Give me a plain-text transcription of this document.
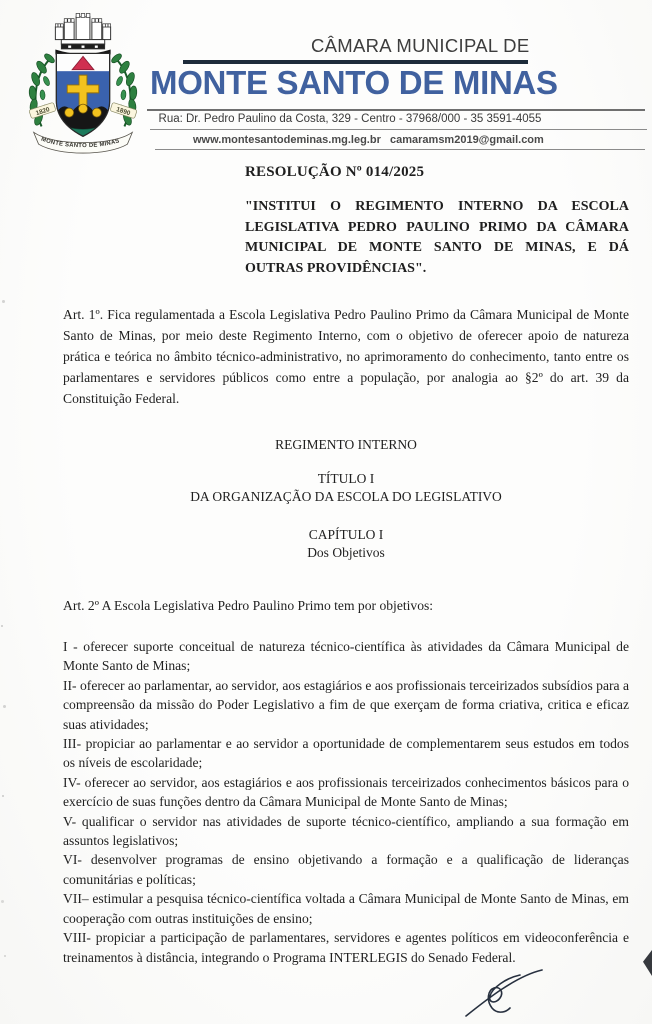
1820	1890
MONTE SANTO DE MINAS
CÂMARA MUNICIPAL DE
MONTE SANTO DE MINAS
Rua: Dr. Pedro Paulino da Costa, 329 - Centro - 37968/000 - 35 3591-4055
www.montesantodeminas.mg.leg.br camaramsm2019@gmail.com
RESOLUÇÃO Nº 014/2025
"INSTITUI O REGIMENTO INTERNO DA ESCOLA LEGISLATIVA PEDRO PAULINO PRIMO DA CÂMARA MUNICIPAL DE MONTE SANTO DE MINAS, E DÁ OUTRAS PROVIDÊNCIAS".
Art. 1º. Fica regulamentada a Escola Legislativa Pedro Paulino Primo da Câmara Municipal de Monte Santo de Minas, por meio deste Regimento Interno, com o objetivo de oferecer apoio de natureza prática e teórica no âmbito técnico-administrativo, no aprimoramento do conhecimento, tanto entre os parlamentares e servidores públicos como entre a população, por analogia ao §2º do art. 39 da Constituição Federal.
REGIMENTO INTERNO
TÍTULO I
DA ORGANIZAÇÃO DA ESCOLA DO LEGISLATIVO
CAPÍTULO I
Dos Objetivos
Art. 2º A Escola Legislativa Pedro Paulino Primo tem por objetivos:

I - oferecer suporte conceitual de natureza técnico-científica às atividades da Câmara Municipal de Monte Santo de Minas;

II- oferecer ao parlamentar, ao servidor, aos estagiários e aos profissionais terceirizados subsídios para a compreensão da missão do Poder Legislativo a fim de que exerçam de forma criativa, critica e eficaz suas atividades;

III- propiciar ao parlamentar e ao servidor a oportunidade de complementarem seus estudos em todos os níveis de escolaridade;

IV- oferecer ao servidor, aos estagiários e aos profissionais terceirizados conhecimentos básicos para o exercício de suas funções dentro da Câmara Municipal de Monte Santo de Minas;

V- qualificar o servidor nas atividades de suporte técnico-científico, ampliando a sua formação em assuntos legislativos;

VI- desenvolver programas de ensino objetivando a formação e a qualificação de lideranças comunitárias e políticas;

VII– estimular a pesquisa técnico-científica voltada a Câmara Municipal de Monte Santo de Minas, em cooperação com outras instituições de ensino;

VIII- propiciar a participação de parlamentares, servidores e agentes políticos em videoconferência e treinamentos à distância, integrando o Programa INTERLEGIS do Senado Federal.
